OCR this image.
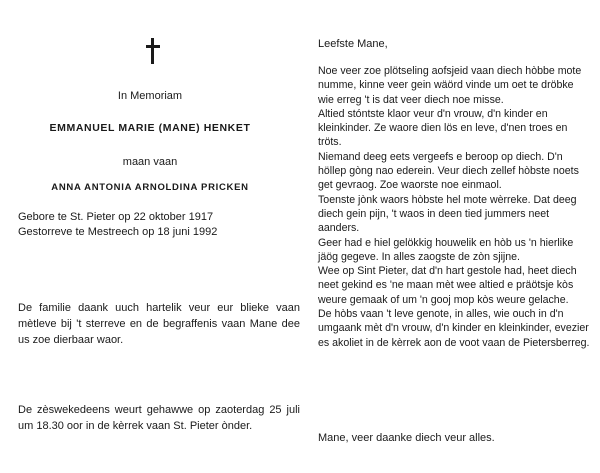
In Memoriam
EMMANUEL MARIE (MANE) HENKET
maan vaan
ANNA ANTONIA ARNOLDINA PRICKEN
Gebore te St. Pieter op 22 oktober 1917
Gestorreve te Mestreech op 18 juni 1992
De familie daank uuch hartelik veur eur blieke vaan mètleve bij 't sterreve en de begraffenis vaan Mane dee us zoe dierbaar waor.
De zèswekedeens weurt gehawwe op zaoterdag 25 juli um 18.30 oor in de kèrrek vaan St. Pieter ònder.
Leefste Mane,

Noe veer zoe plötseling aofsjeid vaan diech hòbbe mote numme, kinne veer gein wäörd vinde um oet te dröbke wie erreg 't is dat veer diech noe misse.

Altied stóntste klaor veur d'n vrouw, d'n kinder en kleinkinder. Ze waore dien lös en leve, d'nen troes en tröts.

Niemand deeg eets vergeefs e beroop op diech. D'n höllep gòng nao ederein. Veur diech zellef hòbste noets get gevraog. Zoe waorste noe einmaol.

Toenste jònk waors hòbste hel mote wèrreke. Dat deeg diech gein pijn, 't waos in deen tied jummers neet aanders.

Geer had e hiel gelökkig houwelik en hòb us 'n hierlike jäög gegeve. In alles zaogste de zòn sjijne.

Wee op Sint Pieter, dat d'n hart gestole had, heet diech neet gekind es 'ne maan mèt wee altied e präötsje kòs weure gemaak of um 'n gooj mop kòs weure gelache.

De hòbs vaan 't leve genote, in alles, wie ouch in d'n umgaank mèt d'n vrouw, d'n kinder en kleinkinder, evezier es akoliet in de kèrrek aon de voot vaan de Pietersberreg.

Mane, veer daanke diech veur alles.
